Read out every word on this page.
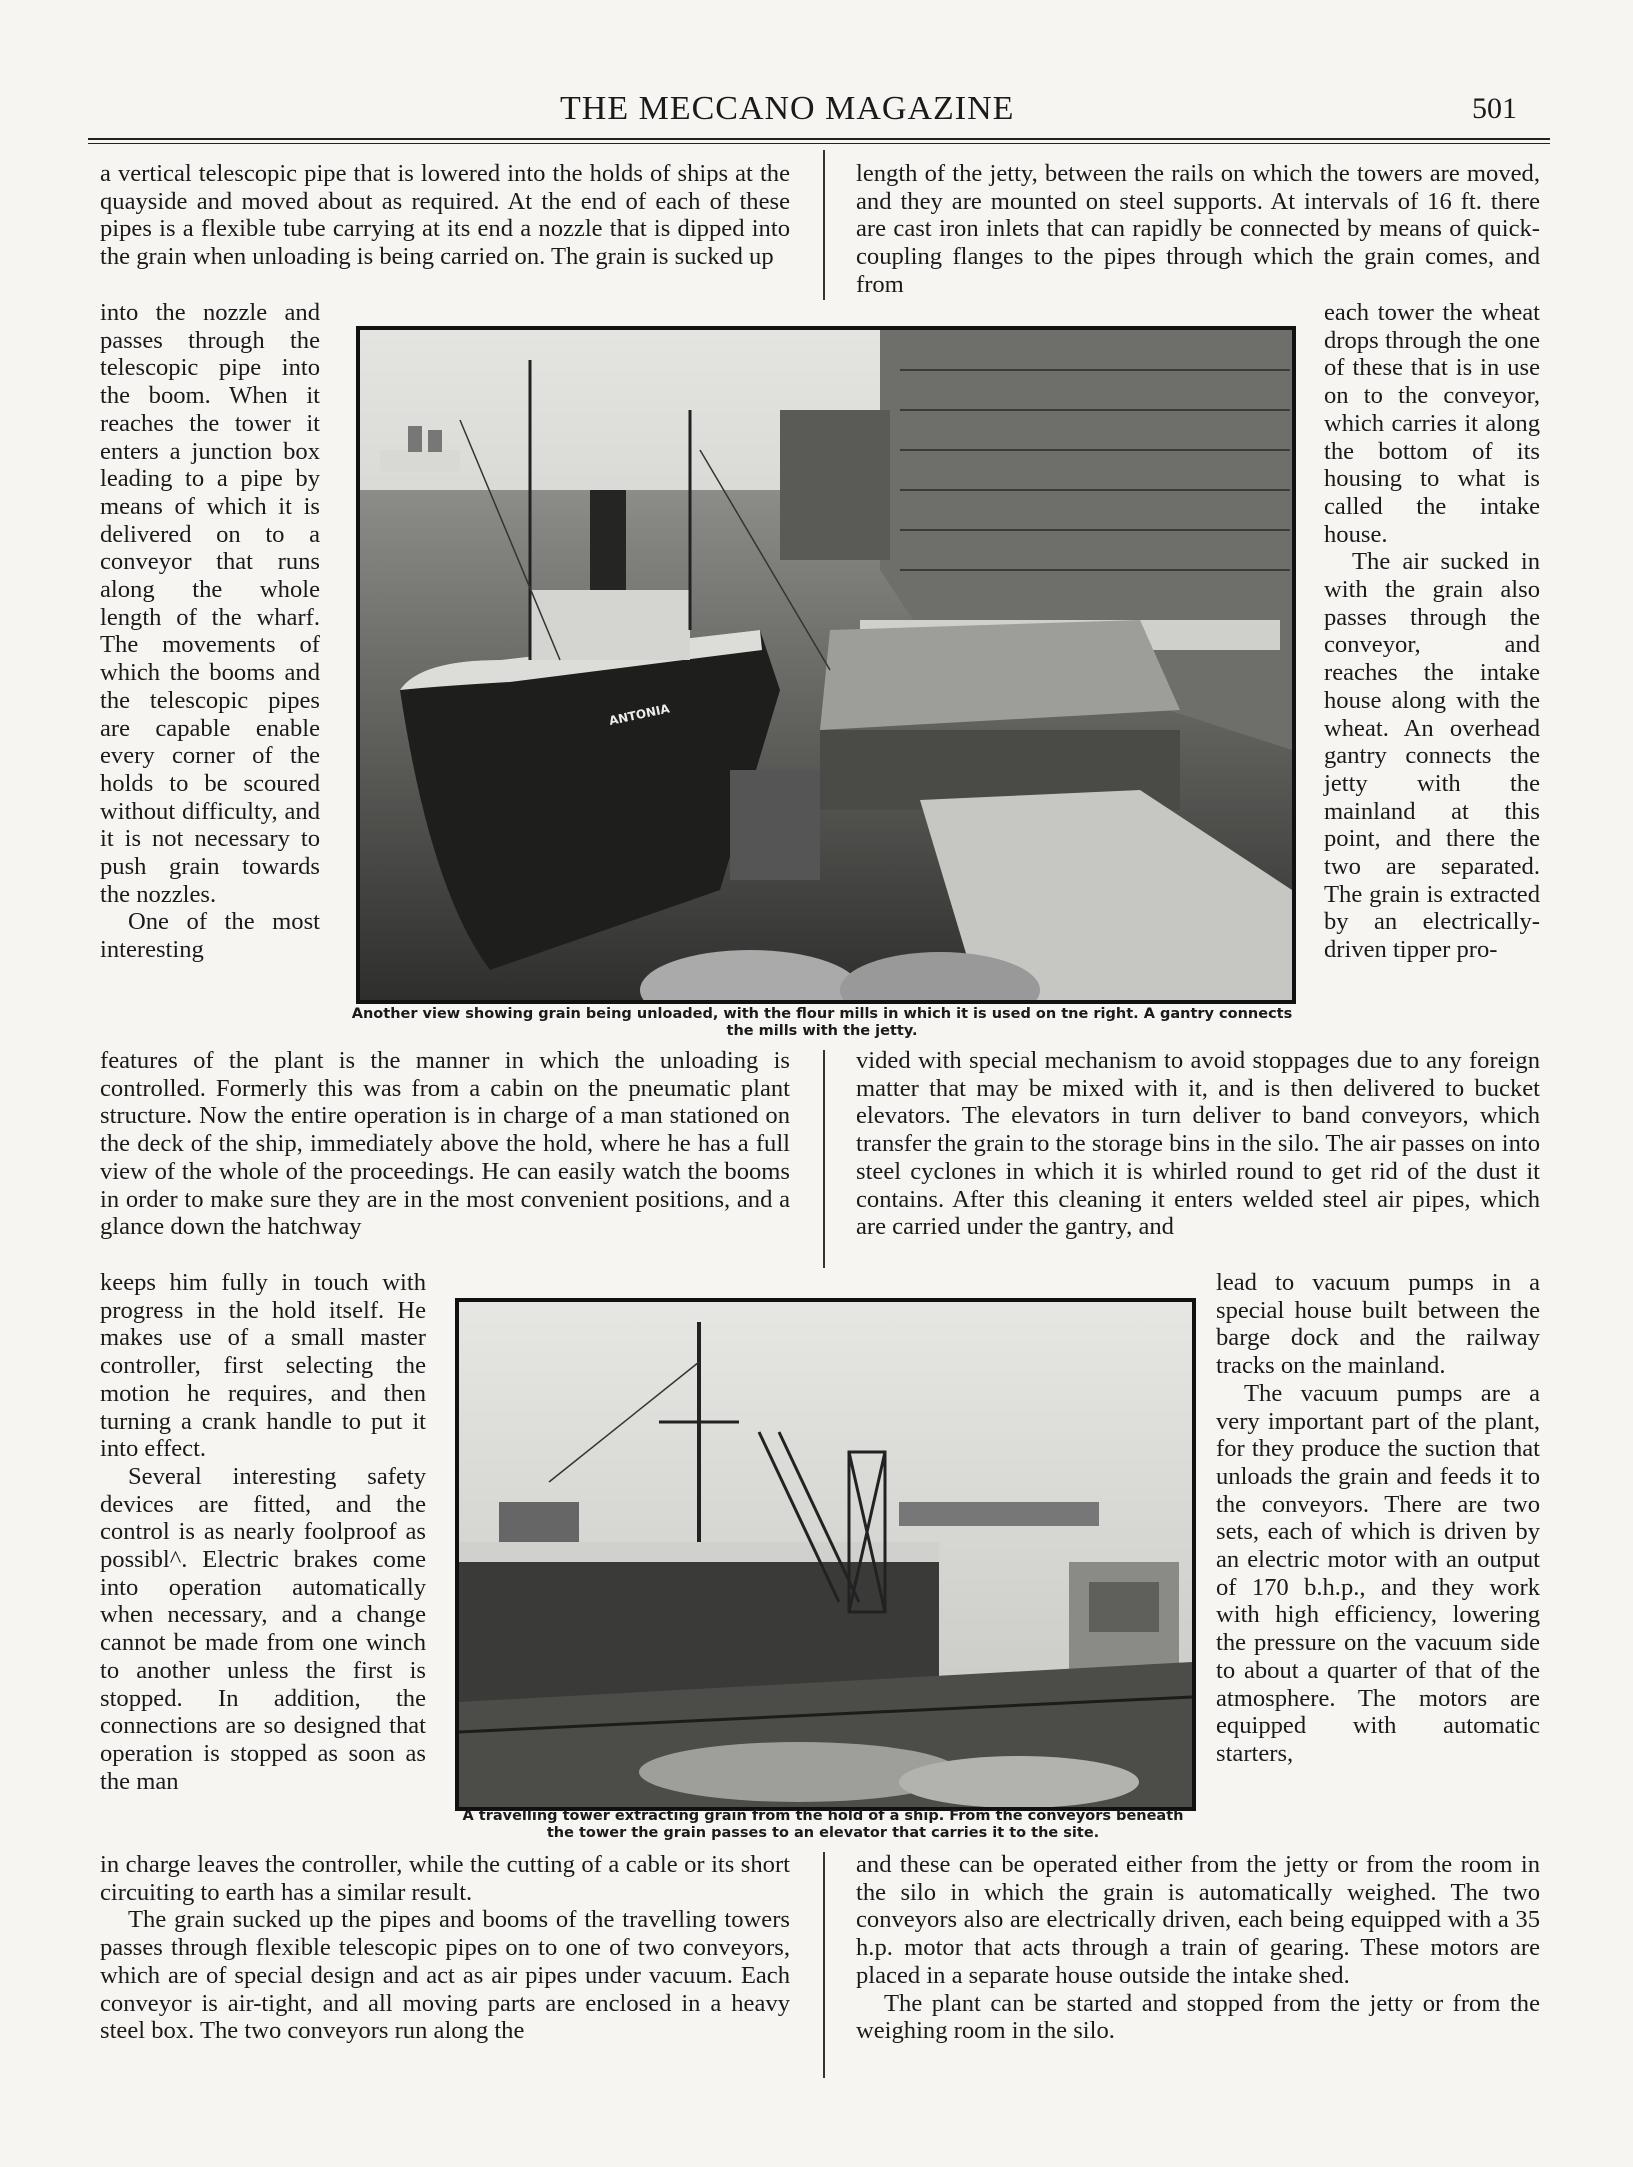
THE MECCANO MAGAZINE	501

a vertical telescopic pipe that is lowered into the holds of ships at the quayside and moved about as required. At the end of each of these pipes is a flexible tube carrying at its end a nozzle that is dipped into the grain when unloading is being carried on. The grain is sucked up

into the nozzle and passes through the telescopic pipe into the boom. When it reaches the tower it enters a junction box leading to a pipe by means of which it is delivered on to a conveyor that runs along the whole length of the wharf. The movements of which the booms and the telescopic pipes are capable enable every corner of the holds to be scoured without difficulty, and it is not necessary to push grain towards the nozzles.

One of the most interesting

features of the plant is the manner in which the unloading is controlled. Formerly this was from a cabin on the pneumatic plant structure. Now the entire operation is in charge of a man stationed on the deck of the ship, immediately above the hold, where he has a full view of the whole of the proceedings. He can easily watch the booms in order to make sure they are in the most convenient positions, and a glance down the hatchway

keeps him fully in touch with progress in the hold itself. He makes use of a small master controller, first selecting the motion he requires, and then turning a crank handle to put it into effect.

Several interesting safety devices are fitted, and the control is as nearly foolproof as possibl^. Electric brakes come into operation automatically when necessary, and a change cannot be made from one winch to another unless the first is stopped. In addition, the connections are so designed that operation is stopped as soon as the man

in charge leaves the controller, while the cutting of a cable or its short circuiting to earth has a similar result.

The grain sucked up the pipes and booms of the travelling towers passes through flexible telescopic pipes on to one of two conveyors, which are of special design and act as air pipes under vacuum. Each conveyor is air-tight, and all moving parts are enclosed in a heavy steel box. The two conveyors run along the

length of the jetty, between the rails on which the towers are moved, and they are mounted on steel supports. At intervals of 16 ft. there are cast iron inlets that can rapidly be connected by means of quick-coupling flanges to the pipes through which the grain comes, and from

each tower the wheat drops through the one of these that is in use on to the conveyor, which carries it along the bottom of its housing to what is called the intake house.

The air sucked in with the grain also passes through the conveyor, and reaches the intake house along with the wheat. An overhead gantry connects the jetty with the mainland at this point, and there the two are separated. The grain is extracted by an electrically-driven tipper pro-

vided with special mechanism to avoid stoppages due to any foreign matter that may be mixed with it, and is then delivered to bucket elevators. The elevators in turn deliver to band conveyors, which transfer the grain to the storage bins in the silo. The air passes on into steel cyclones in which it is whirled round to get rid of the dust it contains. After this cleaning it enters welded steel air pipes, which are carried under the gantry, and

lead to vacuum pumps in a special house built between the barge dock and the railway tracks on the mainland.

The vacuum pumps are a very important part of the plant, for they produce the suction that unloads the grain and feeds it to the conveyors. There are two sets, each of which is driven by an electric motor with an output of 170 b.h.p., and they work with high efficiency, lowering the pressure on the vacuum side to about a quarter of that of the atmosphere. The motors are equipped with automatic starters,

and these can be operated either from the jetty or from the room in the silo in which the grain is automatically weighed. The two conveyors also are electrically driven, each being equipped with a 35 h.p. motor that acts through a train of gearing. These motors are placed in a separate house outside the intake shed.

The plant can be started and stopped from the jetty or from the weighing room in the silo.

ANTONIA
Another view showing grain being unloaded, with the flour mills in which it is used on tne right. A gantry connects
the mills with the jetty.
A travelling tower extracting grain from the hold of a ship. From the conveyors beneath
the tower the grain passes to an elevator that carries it to the site.
